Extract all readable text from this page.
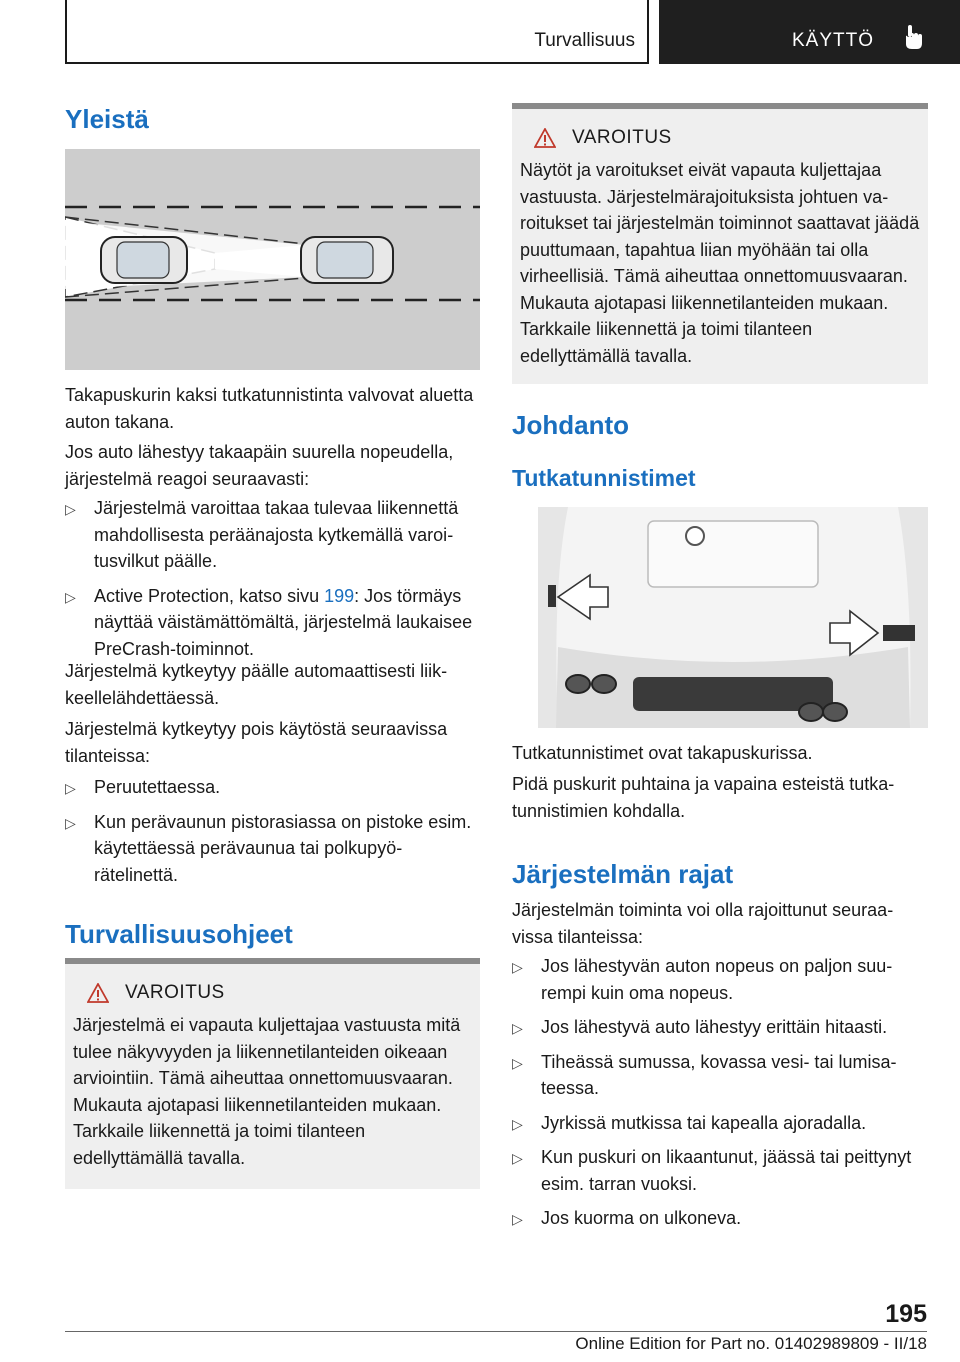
Turvallisuus	KÄYTTÖ
Yleistä

Takapuskurin kaksi tutkatunnistinta valvovat aluetta auton takana.

Jos auto lähestyy takaapäin suurella nopeudella, järjestelmä reagoi seuraavasti:

▷ Järjestelmä varoittaa takaa tulevaa liikennettä mahdollisesta peräänajosta kytkemällä varoitusvilkut päälle.
▷ Active Protection, katso sivu 199: Jos törmäys näyttää väistämättömältä, järjestelmä laukaisee PreCrash-toiminnot.

Järjestelmä kytkeytyy päälle automaattisesti liikkeellelähdettäessä.

Järjestelmä kytkeytyy pois käytöstä seuraavissa tilanteissa:

▷ Peruutettaessa.
▷ Kun perävaunun pistorasiassa on pistoke esim. käytettäessä perävaunua tai polkupyörätelinettä.
Turvallisuusohjeet
VAROITUS

Järjestelmä ei vapauta kuljettajaa vastuusta mitä tulee näkyvyyden ja liikennetilanteiden oikeaan arviointiin. Tämä aiheuttaa onnettomuusvaaran. Mukauta ajotapasi liikennetilanteiden mukaan. Tarkkaile liikennettä ja toimi tilanteen edellyttämällä tavalla.

VAROITUS

Näytöt ja varoitukset eivät vapauta kuljettajaa vastuusta. Järjestelmärajoituksista johtuen varoitukset tai järjestelmän toiminnot saattavat jäädä puuttumaan, tapahtua liian myöhään tai olla virheellisiä. Tämä aiheuttaa onnettomuusvaaran. Mukauta ajotapasi liikennetilanteiden mukaan. Tarkkaile liikennettä ja toimi tilanteen edellyttämällä tavalla.

Johdanto
Tutkatunnistimet

Tutkatunnistimet ovat takapuskurissa.

Pidä puskurit puhtaina ja vapaina esteistä tutkatunnistimien kohdalla.

Järjestelmän rajat

Järjestelmän toiminta voi olla rajoittunut seuraavissa tilanteissa:

▷ Jos lähestyvän auton nopeus on paljon suurempi kuin oma nopeus.
▷ Jos lähestyvä auto lähestyy erittäin hitaasti.
▷ Tiheässä sumussa, kovassa vesi- tai lumisateessa.
▷ Jyrkissä mutkissa tai kapealla ajoradalla.
▷ Kun puskuri on likaantunut, jäässä tai peittynyt esim. tarran vuoksi.
▷ Jos kuorma on ulkoneva.
195
Online Edition for Part no. 01402989809 - II/18
